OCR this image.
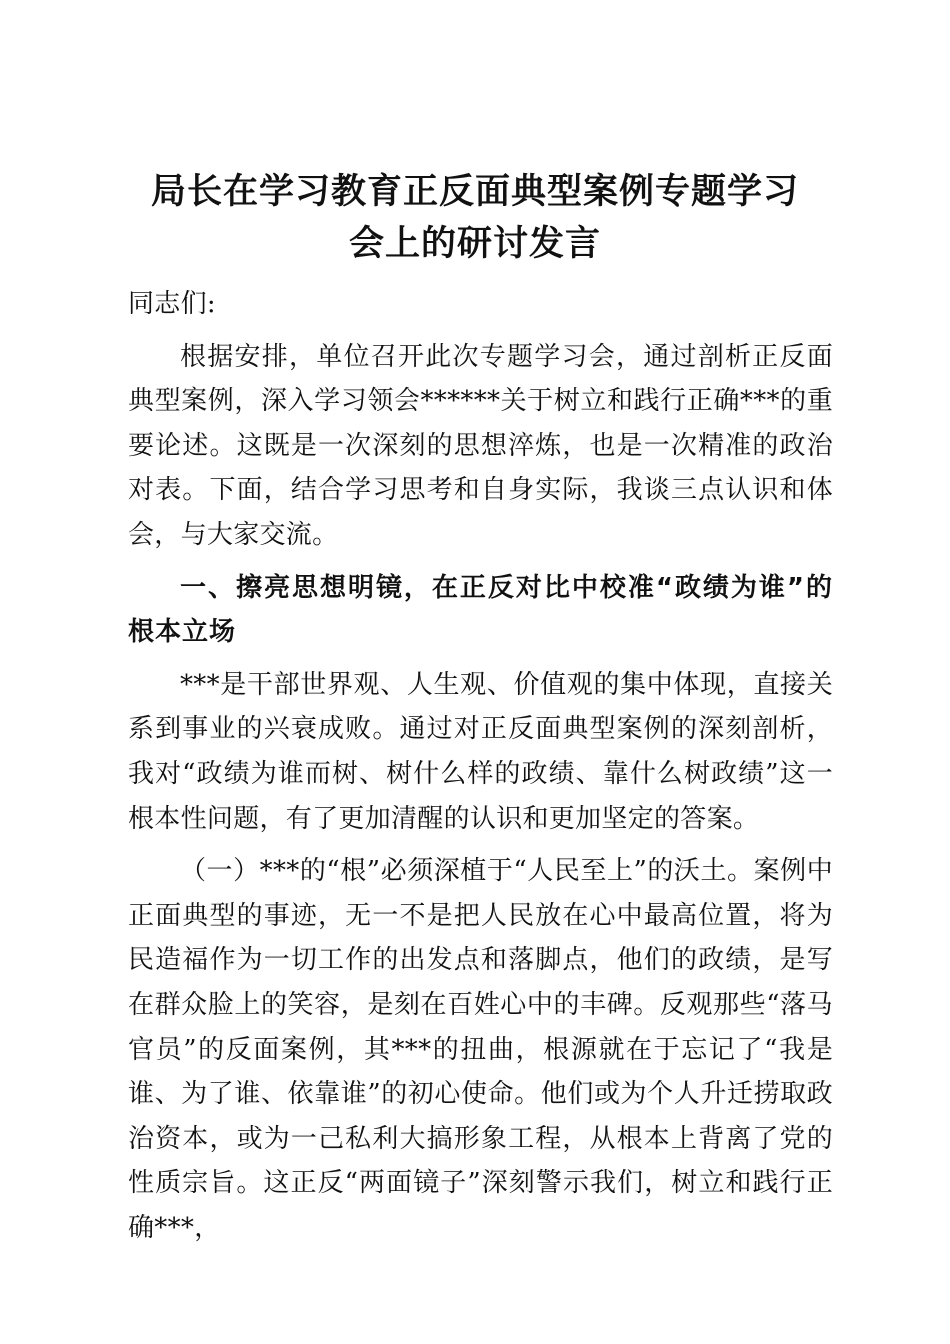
局长在学习教育正反面典型案例专题学习
会上的研讨发言

同志们:

根据安排，单位召开此次专题学习会，通过剖析正反面典型案例，深入学习领会******关于树立和践行正确***的重要论述。这既是一次深刻的思想淬炼，也是一次精准的政治对表。下面，结合学习思考和自身实际，我谈三点认识和体会，与大家交流。

一、擦亮思想明镜，在正反对比中校准“政绩为谁”的根本立场

***是干部世界观、人生观、价值观的集中体现，直接关系到事业的兴衰成败。通过对正反面典型案例的深刻剖析，我对“政绩为谁而树、树什么样的政绩、靠什么树政绩”这一根本性问题，有了更加清醒的认识和更加坚定的答案。

（一）***的“根”必须深植于“人民至上”的沃土。案例中正面典型的事迹，无一不是把人民放在心中最高位置，将为民造福作为一切工作的出发点和落脚点，他们的政绩，是写在群众脸上的笑容，是刻在百姓心中的丰碑。反观那些“落马官员”的反面案例，其***的扭曲，根源就在于忘记了“我是谁、为了谁、依靠谁”的初心使命。他们或为个人升迁捞取政治资本，或为一己私利大搞形象工程，从根本上背离了党的性质宗旨。这正反“两面镜子”深刻警示我们，树立和践行正确***，
